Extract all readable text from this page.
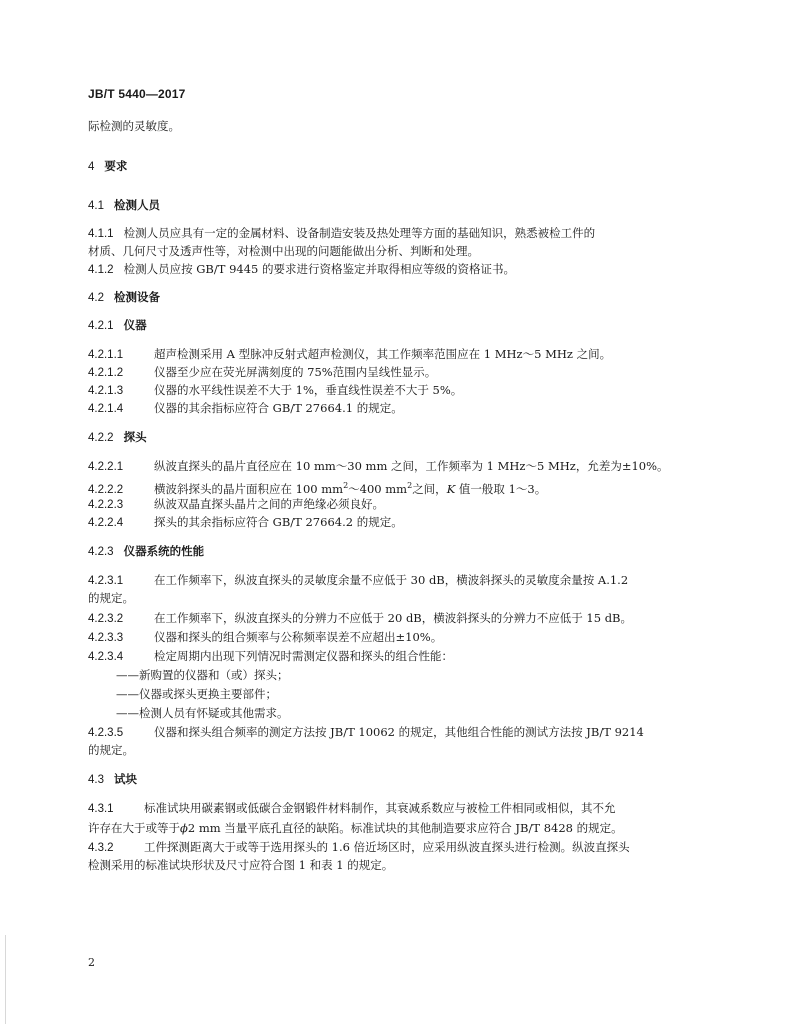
JB/T 5440—2017
际检测的灵敏度。
4 要求
4.1 检测人员
4.1.1 检测人员应具有一定的金属材料、设备制造安装及热处理等方面的基础知识，熟悉被检工件的
材质、几何尺寸及透声性等，对检测中出现的问题能做出分析、判断和处理。
4.1.2 检测人员应按 GB/T 9445 的要求进行资格鉴定并取得相应等级的资格证书。
4.2 检测设备
4.2.1 仪器
4.2.1.1	超声检测采用 A 型脉冲反射式超声检测仪，其工作频率范围应在 1 MHz～5 MHz 之间。
4.2.1.2	仪器至少应在荧光屏满刻度的 75%范围内呈线性显示。
4.2.1.3	仪器的水平线性误差不大于 1%，垂直线性误差不大于 5%。
4.2.1.4	仪器的其余指标应符合 GB/T 27664.1 的规定。
4.2.2 探头
4.2.2.1	纵波直探头的晶片直径应在 10 mm～30 mm 之间，工作频率为 1 MHz～5 MHz，允差为±10%。
4.2.2.2	横波斜探头的晶片面积应在 100 $mm^2\sim 400$ $mm^2$之间，K 值一般取 1～3。
4.2.2.3	纵波双晶直探头晶片之间的声绝缘必须良好。
4.2.2.4	探头的其余指标应符合 GB/T 27664.2 的规定。
4.2.3 仪器系统的性能
4.2.3.1	在工作频率下，纵波直探头的灵敏度余量不应低于 30 dB，横波斜探头的灵敏度余量按 A.1.2
的规定。
4.2.3.2	在工作频率下，纵波直探头的分辨力不应低于 20 dB，横波斜探头的分辨力不应低于 15 dB。
4.2.3.3	仪器和探头的组合频率与公称频率误差不应超出±10%。
4.2.3.4	检定周期内出现下列情况时需测定仪器和探头的组合性能：
——新购置的仪器和（或）探头；
——仪器或探头更换主要部件；
——检测人员有怀疑或其他需求。
4.2.3.5	仪器和探头组合频率的测定方法按 JB/T 10062 的规定，其他组合性能的测试方法按 JB/T 9214
的规定。
4.3 试块
4.3.1	标准试块用碳素钢或低碳合金钢锻件材料制作，其衰减系数应与被检工件相同或相似，其不允
许存在大于或等于ϕ2 mm 当量平底孔直径的缺陷。标准试块的其他制造要求应符合 JB/T 8428 的规定。
4.3.2	工件探测距离大于或等于选用探头的 1.6 倍近场区时，应采用纵波直探头进行检测。纵波直探头
检测采用的标准试块形状及尺寸应符合图 1 和表 1 的规定。
2
